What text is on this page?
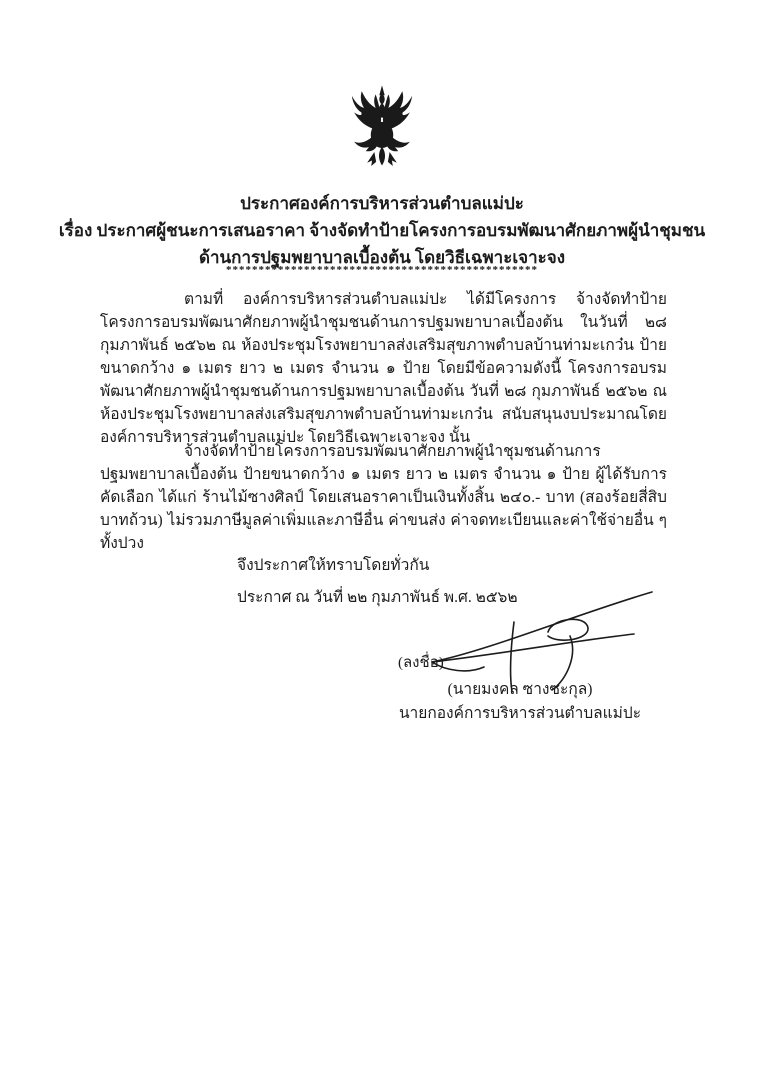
ประกาศองค์การบริหารส่วนตำบลแม่ปะ
เรื่อง ประกาศผู้ชนะการเสนอราคา จ้างจัดทำป้ายโครงการอบรมพัฒนาศักยภาพผู้นำชุมชน
ด้านการปฐมพยาบาลเบื้องต้น โดยวิธีเฉพาะเจาะจง
************************************************
ตามที่ องค์การบริหารส่วนตำบลแม่ปะ ได้มีโครงการ จ้างจัดทำป้ายโครงการอบรมพัฒนาศักยภาพผู้นำชุมชนด้านการปฐมพยาบาลเบื้องต้น ในวันที่ ๒๘ กุมภาพันธ์ ๒๕๖๒ ณ ห้องประชุมโรงพยาบาลส่งเสริมสุขภาพตำบลบ้านท่ามะเกว๋น ป้ายขนาดกว้าง ๑ เมตร ยาว ๒ เมตร จำนวน ๑ ป้าย โดยมีข้อความดังนี้ โครงการอบรมพัฒนาศักยภาพผู้นำชุมชนด้านการปฐมพยาบาลเบื้องต้น วันที่ ๒๘ กุมภาพันธ์ ๒๕๖๒ ณ ห้องประชุมโรงพยาบาลส่งเสริมสุขภาพตำบลบ้านท่ามะเกว๋น สนับสนุนงบประมาณโดย องค์การบริหารส่วนตำบลแม่ปะ โดยวิธีเฉพาะเจาะจง นั้น
จ้างจัดทำป้ายโครงการอบรมพัฒนาศักยภาพผู้นำชุมชนด้านการปฐมพยาบาลเบื้องต้น ป้ายขนาดกว้าง ๑ เมตร ยาว ๒ เมตร จำนวน ๑ ป้าย ผู้ได้รับการคัดเลือก ได้แก่ ร้านไม้ซางศิลป์ โดยเสนอราคาเป็นเงินทั้งสิ้น ๒๔๐.- บาท (สองร้อยสี่สิบบาทถ้วน) ไม่รวมภาษีมูลค่าเพิ่มและภาษีอื่น ค่าขนส่ง ค่าจดทะเบียนและค่าใช้จ่ายอื่น ๆ ทั้งปวง
จึงประกาศให้ทราบโดยทั่วกัน
ประกาศ ณ วันที่ ๒๒ กุมภาพันธ์ พ.ศ. ๒๕๖๒
(ลงชื่อ)
(นายมงคล ซางซะกุล)
นายกองค์การบริหารส่วนตำบลแม่ปะ
